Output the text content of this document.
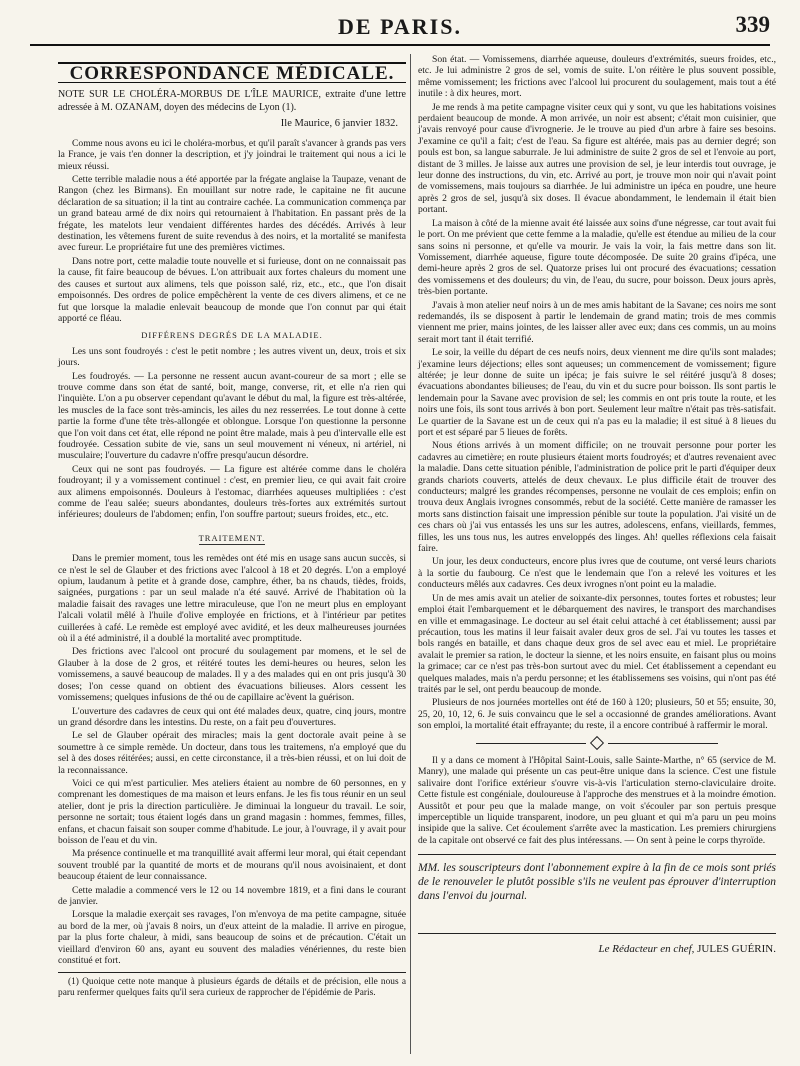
DE PARIS.	339
CORRESPONDANCE MÉDICALE.
NOTE SUR LE CHOLÉRA-MORBUS DE L'ÎLE MAURICE, extraite d'une lettre adressée à M. OZANAM, doyen des médecins de Lyon (1).
Ile Maurice, 6 janvier 1832.

Comme nous avons eu ici le choléra-morbus, et qu'il paraît s'avancer à grands pas vers la France, je vais t'en donner la description, et j'y joindrai le traitement qui nous a ici le mieux réussi.

Cette terrible maladie nous a été apportée par la frégate anglaise la Taupaze, venant de Rangon (chez les Birmans). En mouillant sur notre rade, le capitaine ne fit aucune déclaration de sa situation; il la tint au contraire cachée. La communication commença par un grand bateau armé de dix noirs qui retournaient à l'habitation. En passant près de la frégate, les matelots leur vendaient différentes hardes des décédés. Arrivés à leur destination, les vêtemens furent de suite revendus à des noirs, et la mortalité se manifesta avec fureur. Le propriétaire fut une des premières victimes.

Dans notre port, cette maladie toute nouvelle et si furieuse, dont on ne connaissait pas la cause, fit faire beaucoup de bévues. L'on attribuait aux fortes chaleurs du moment une des causes et surtout aux alimens, tels que poisson salé, riz, etc., etc., que l'on disait empoisonnés. Des ordres de police empêchèrent la vente de ces divers alimens, et ce ne fut que lorsque la maladie enlevait beaucoup de monde que l'on connut par qui était apporté ce fléau.

DIFFÉRENS DEGRÉS DE LA MALADIE.

Les uns sont foudroyés : c'est le petit nombre ; les autres vivent un, deux, trois et six jours.

Les foudroyés. — La personne ne ressent aucun avant-coureur de sa mort ; elle se trouve comme dans son état de santé, boit, mange, converse, rit, et elle n'a rien qui l'inquiète. L'on a pu observer cependant qu'avant le début du mal, la figure est très-altérée, les muscles de la face sont très-amincis, les ailes du nez resserrées. Le tout donne à cette partie la forme d'une tête très-allongée et oblongue. Lorsque l'on questionne la personne que l'on voit dans cet état, elle répond ne point être malade, mais à peu d'intervalle elle est foudroyée. Cessation subite de vie, sans un seul mouvement ni véneux, ni artériel, ni musculaire; l'ouverture du cadavre n'offre presqu'aucun désordre.

Ceux qui ne sont pas foudroyés. — La figure est altérée comme dans le choléra foudroyant; il y a vomissement continuel : c'est, en premier lieu, ce qui avait fait croire aux alimens empoisonnés. Douleurs à l'estomac, diarrhées aqueuses multipliées : c'est comme de l'eau salée; sueurs abondantes, douleurs très-fortes aux extrémités surtout inférieures; douleurs de l'abdomen; enfin, l'on souffre partout; sueurs froides, etc., etc.

TRAITEMENT.

Dans le premier moment, tous les remèdes ont été mis en usage sans aucun succès, si ce n'est le sel de Glauber et des frictions avec l'alcool à 18 et 20 degrés. L'on a employé opium, laudanum à petite et à grande dose, camphre, éther, ba ns chauds, tièdes, froids, saignées, purgations : par un seul malade n'a été sauvé. Arrivé de l'habitation où la maladie faisait des ravages une lettre miraculeuse, que l'on ne meurt plus en employant l'alcali volatil mêlé à l'huile d'olive employée en frictions, et à l'intérieur par petites cuillerées à café. Le remède est employé avec avidité, et les deux malheureuses journées où il a été administré, il a doublé la mortalité avec promptitude.

Des frictions avec l'alcool ont procuré du soulagement par momens, et le sel de Glauber à la dose de 2 gros, et réitéré toutes les demi-heures ou heures, selon les vomissemens, a sauvé beaucoup de malades. Il y a des malades qui en ont pris jusqu'à 30 doses; l'on cesse quand on obtient des évacuations bilieuses. Alors cessent les vomissemens; quelques infusions de thé ou de capillaire ac'èvent la guérison.

L'ouverture des cadavres de ceux qui ont été malades deux, quatre, cinq jours, montre un grand désordre dans les intestins. Du reste, on a fait peu d'ouvertures.

Le sel de Glauber opérait des miracles; mais la gent doctorale avait peine à se soumettre à ce simple remède. Un docteur, dans tous les traitemens, n'a employé que du sel à des doses réitérées; aussi, en cette circonstance, il a très-bien réussi, et on lui doit de la reconnaissance.

Voici ce qui m'est particulier. Mes ateliers étaient au nombre de 60 personnes, en y comprenant les domestiques de ma maison et leurs enfans. Je les fis tous réunir en un seul atelier, dont je pris la direction particulière. Je diminuai la longueur du travail. Le soir, personne ne sortait; tous étaient logés dans un grand magasin : hommes, femmes, filles, enfans, et chacun faisait son souper comme d'habitude. Le jour, à l'ouvrage, il y avait pour boisson de l'eau et du vin.

Ma présence continuelle et ma tranquillité avait affermi leur moral, qui était cependant souvent troublé par la quantité de morts et de mourans qu'il nous avoisinaient, et dont beaucoup étaient de leur connaissance.

Cette maladie a commencé vers le 12 ou 14 novembre 1819, et a fini dans le courant de janvier.

Lorsque la maladie exerçait ses ravages, l'on m'envoya de ma petite campagne, située au bord de la mer, où j'avais 8 noirs, un d'eux atteint de la maladie. Il arrive en pirogue, par la plus forte chaleur, à midi, sans beaucoup de soins et de précaution. C'était un vieillard d'environ 60 ans, ayant eu souvent des maladies vénériennes, du reste bien constitué et fort.

(1) Quoique cette note manque à plusieurs égards de détails et de précision, elle nous a paru renfermer quelques faits qu'il sera curieux de rapprocher de l'épidémie de Paris.

Son état. — Vomissemens, diarrhée aqueuse, douleurs d'extrémités, sueurs froides, etc., etc. Je lui administre 2 gros de sel, vomis de suite. L'on réitère le plus souvent possible, même vomissement; les frictions avec l'alcool lui procurent du soulagement, mais tout a été inutile : à dix heures, mort.

Je me rends à ma petite campagne visiter ceux qui y sont, vu que les habitations voisines perdaient beaucoup de monde. A mon arrivée, un noir est absent; c'était mon cuisinier, que j'avais renvoyé pour cause d'ivrognerie. Je le trouve au pied d'un arbre à faire ses besoins. J'examine ce qu'il a fait; c'est de l'eau. Sa figure est altérée, mais pas au dernier degré; son pouls est bon, sa langue saburrale. Je lui administre de suite 2 gros de sel et l'envoie au port, distant de 3 milles. Je laisse aux autres une provision de sel, je leur interdis tout ouvrage, je leur donne des instructions, du vin, etc. Arrivé au port, je trouve mon noir qui n'avait point de vomissemens, mais toujours sa diarrhée. Je lui administre un ipéca en poudre, une heure après 2 gros de sel, jusqu'à six doses. Il évacue abondamment, le lendemain il était bien portant.

La maison à côté de la mienne avait été laissée aux soins d'une négresse, car tout avait fui le port. On me prévient que cette femme a la maladie, qu'elle est étendue au milieu de la cour sans soins ni personne, et qu'elle va mourir. Je vais la voir, la fais mettre dans son lit. Vomissement, diarrhée aqueuse, figure toute décomposée. De suite 20 grains d'ipéca, une demi-heure après 2 gros de sel. Quatorze prises lui ont procuré des évacuations; cessation des vomissemens et des douleurs; du vin, de l'eau, du sucre, pour boisson. Deux jours après, très-bien portante.

J'avais à mon atelier neuf noirs à un de mes amis habitant de la Savane; ces noirs me sont redemandés, ils se disposent à partir le lendemain de grand matin; trois de mes commis viennent me prier, mains jointes, de les laisser aller avec eux; dans ces commis, un au moins serait mort tant il était terrifié.

Le soir, la veille du départ de ces neufs noirs, deux viennent me dire qu'ils sont malades; j'examine leurs déjections; elles sont aqueuses; un commencement de vomissement; figure altérée; je leur donne de suite un ipéca; je fais suivre le sel réitéré jusqu'à 8 doses; évacuations abondantes bilieuses; de l'eau, du vin et du sucre pour boisson. Ils sont partis le lendemain pour la Savane avec provision de sel; les commis en ont pris toute la route, et les noirs une fois, ils sont tous arrivés à bon port. Seulement leur maître n'était pas très-satisfait. Le quartier de la Savane est un de ceux qui n'a pas eu la maladie; il est situé à 8 lieues du port et est séparé par 5 lieues de forêts.

Nous étions arrivés à un moment difficile; on ne trouvait personne pour porter les cadavres au cimetière; en route plusieurs étaient morts foudroyés; et d'autres revenaient avec la maladie. Dans cette situation pénible, l'administration de police prit le parti d'équiper deux grands chariots couverts, attelés de deux chevaux. Le plus difficile était de trouver des conducteurs; malgré les grandes récompenses, personne ne voulait de ces emplois; enfin on trouva deux Anglais ivrognes consommés, rebut de la société. Cette manière de ramasser les morts sans distinction faisait une impression pénible sur toute la population. J'ai visité un de ces chars où j'ai vus entassés les uns sur les autres, adolescens, enfans, vieillards, femmes, filles, les uns tous nus, les autres enveloppés des linges. Ah! quelles réflexions cela faisait faire.

Un jour, les deux conducteurs, encore plus ivres que de coutume, ont versé leurs chariots à la sortie du faubourg. Ce n'est que le lendemain que l'on a relevé les voitures et les conducteurs mêlés aux cadavres. Ces deux ivrognes n'ont point eu la maladie.

Un de mes amis avait un atelier de soixante-dix personnes, toutes fortes et robustes; leur emploi était l'embarquement et le débarquement des navires, le transport des marchandises en ville et emmagasinage. Le docteur au sel était celui attaché à cet établissement; aussi par précaution, tous les matins il leur faisait avaler deux gros de sel. J'ai vu toutes les tasses et bols rangés en bataille, et dans chaque deux gros de sel avec eau et miel. Le propriétaire avalait le premier sa ration, le docteur la sienne, et les noirs ensuite, en faisant plus ou moins la grimace; car ce n'est pas très-bon surtout avec du miel. Cet établissement a cependant eu quelques malades, mais n'a perdu personne; et les établissemens ses voisins, qui n'ont pas été traités par le sel, ont perdu beaucoup de monde.

Plusieurs de nos journées mortelles ont été de 160 à 120; plusieurs, 50 et 55; ensuite, 30, 25, 20, 10, 12, 6. Je suis convaincu que le sel a occasionné de grandes améliorations. Avant son emploi, la mortalité était effrayante; du reste, il a encore contribué à raffermir le moral.

Il y a dans ce moment à l'Hôpital Saint-Louis, salle Sainte-Marthe, n° 65 (service de M. Manry), une malade qui présente un cas peut-être unique dans la science. C'est une fistule salivaire dont l'orifice extérieur s'ouvre vis-à-vis l'articulation sterno-claviculaire droite. Cette fistule est congéniale, douloureuse à l'approche des menstrues et à la moindre émotion. Aussitôt et pour peu que la malade mange, on voit s'écouler par son pertuis presque imperceptible un liquide transparent, inodore, un peu gluant et qui m'a paru un peu moins insipide que la salive. Cet écoulement s'arrête avec la mastication. Les premiers chirurgiens de la capitale ont observé ce fait des plus intéressans. — On sent à peine le corps thyroïde.

MM. les souscripteurs dont l'abonnement expire à la fin de ce mois sont priés de le renouveler le plutôt possible s'ils ne veulent pas éprouver d'interruption dans l'envoi du journal.
Le Rédacteur en chef, JULES GUÉRIN.
